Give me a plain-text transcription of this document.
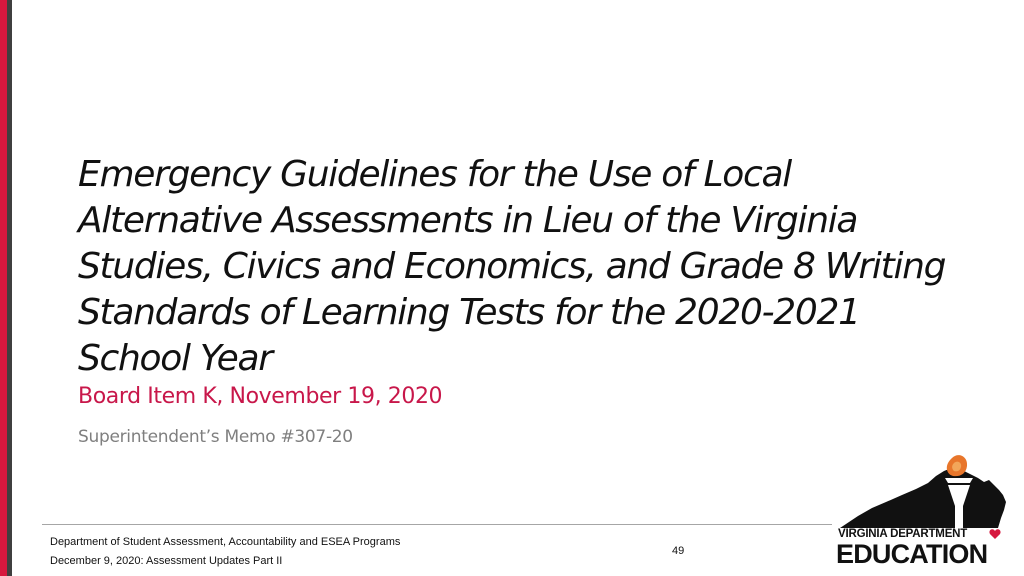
Emergency Guidelines for the Use of Local Alternative Assessments in Lieu of the Virginia Studies, Civics and Economics, and Grade 8 Writing Standards of Learning Tests for the 2020-2021 School Year

Board Item K, November 19, 2020

Superintendent’s Memo #307-20

Department of Student Assessment, Accountability and ESEA Programs

December 9, 2020: Assessment Updates Part II

49

VIRGINIA DEPARTMENT
EDUCATION
